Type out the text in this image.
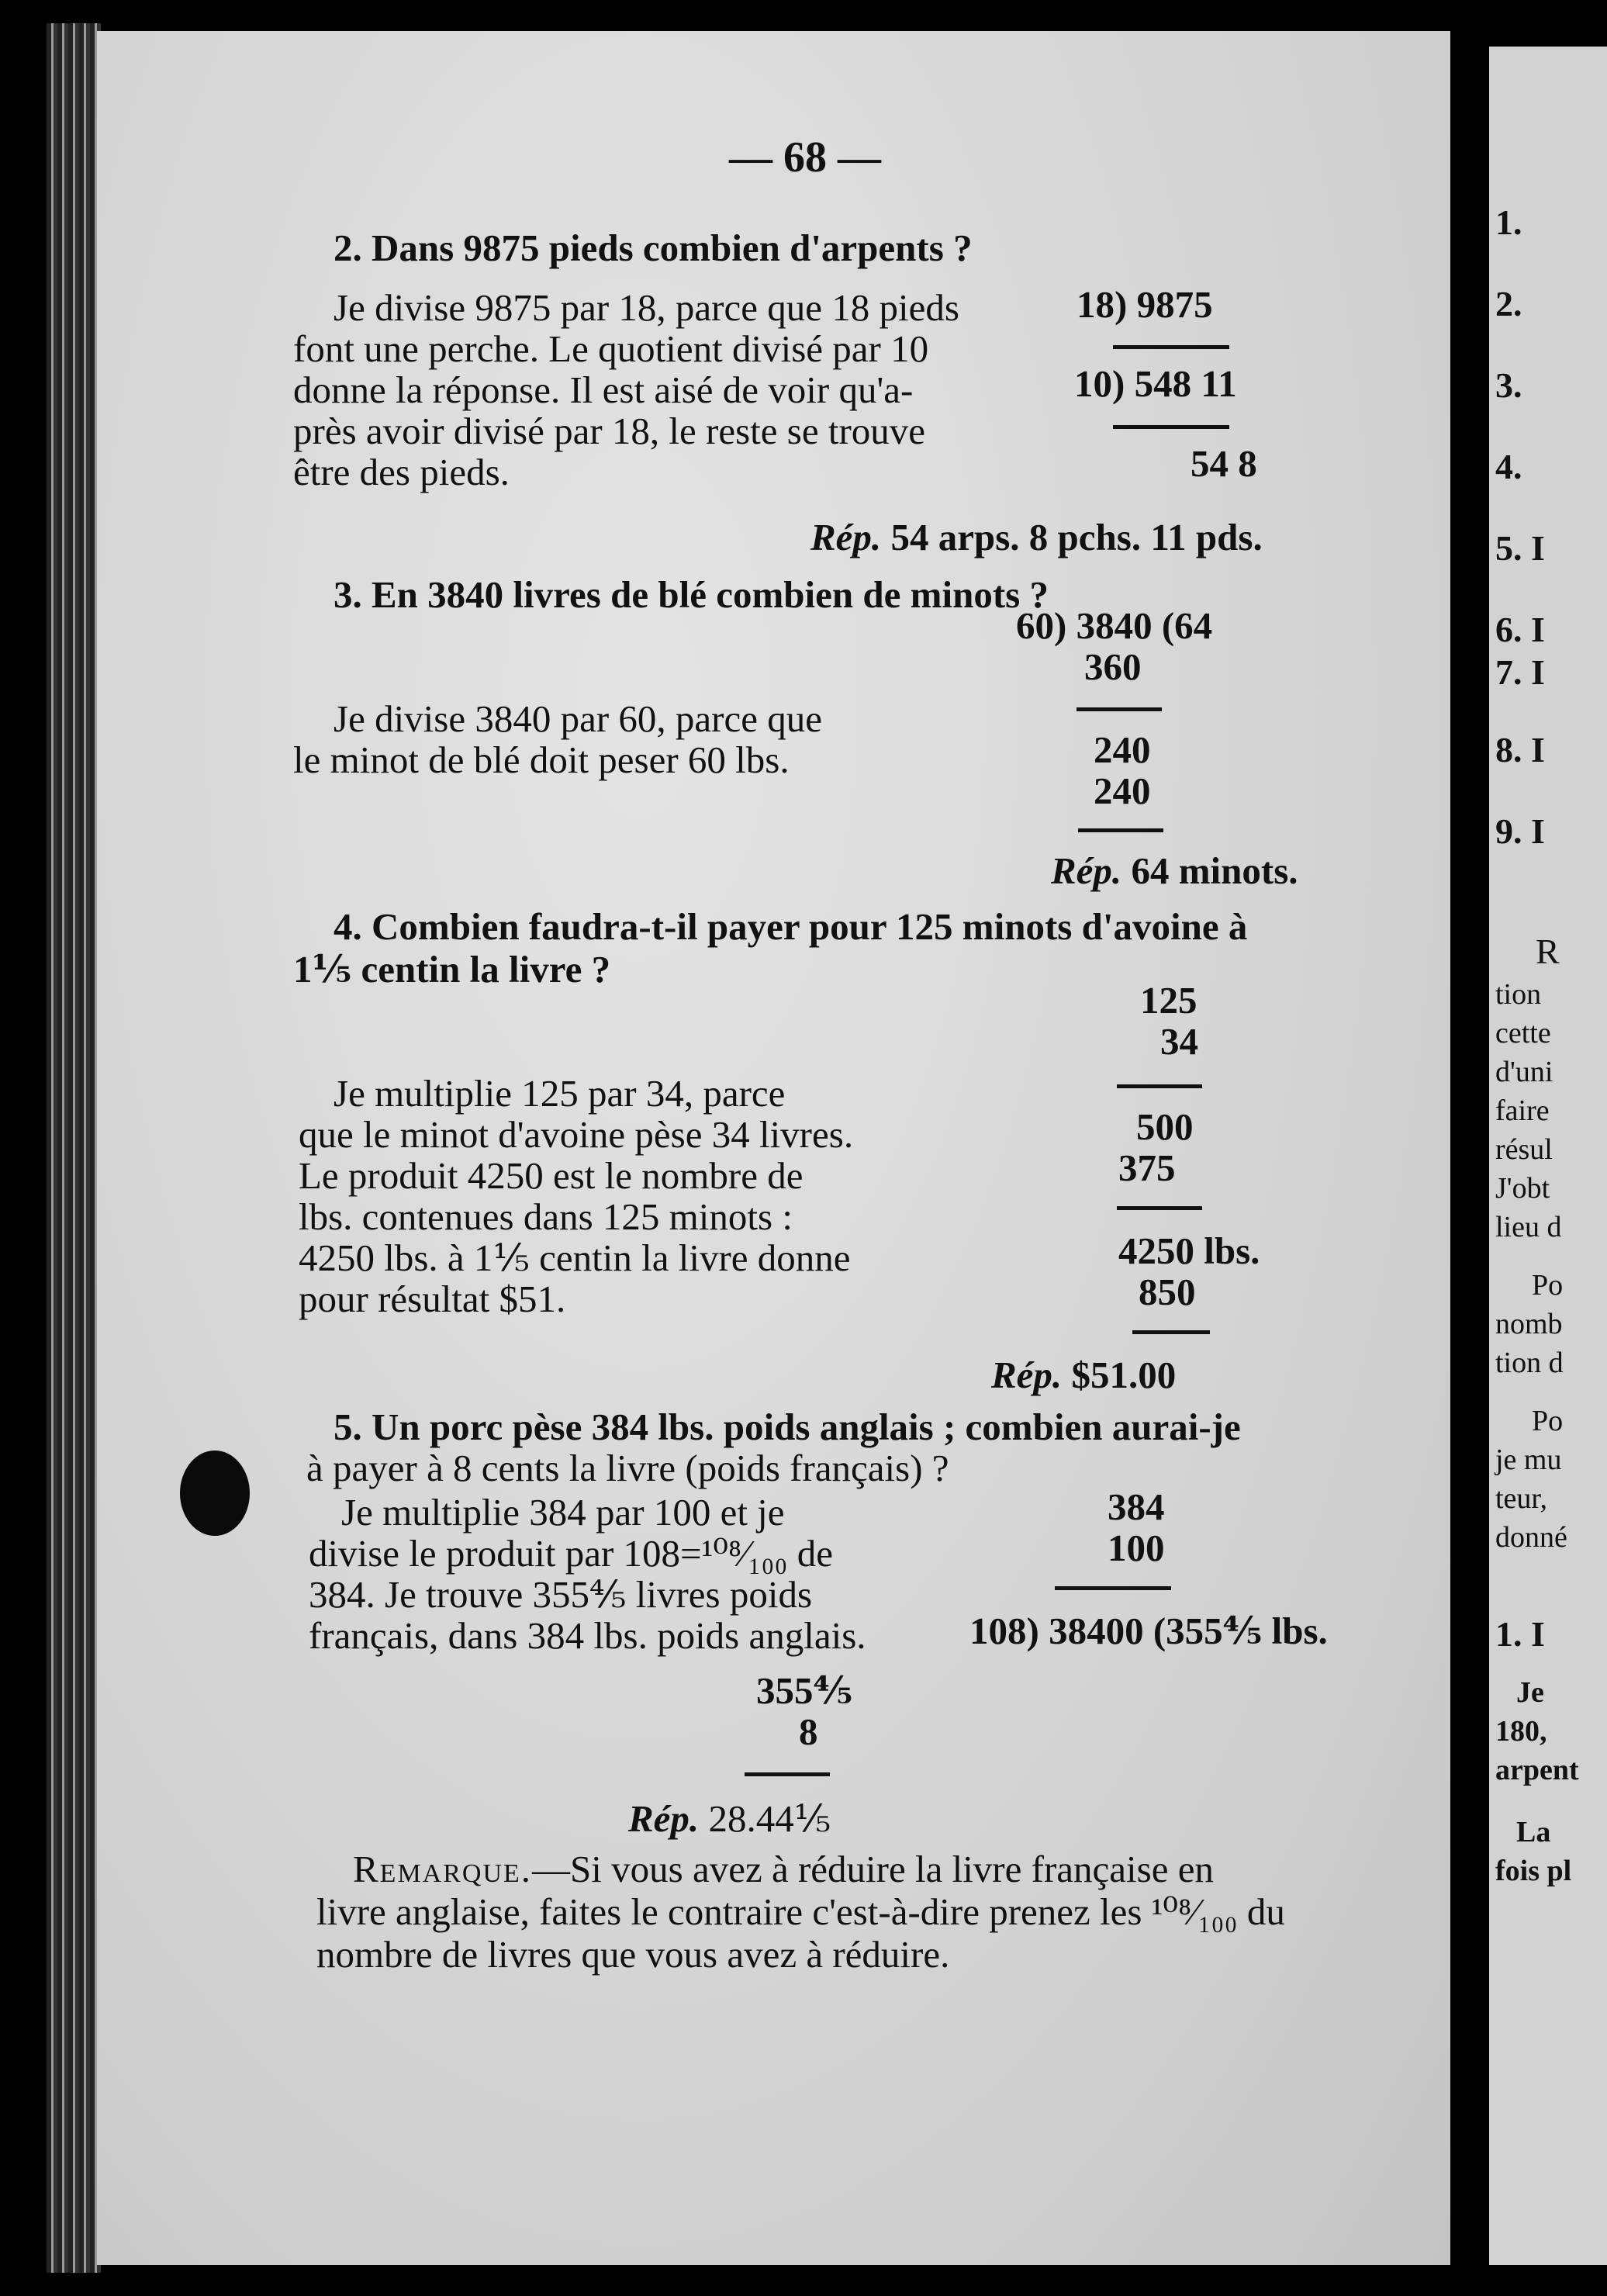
— 68 —
2. Dans 9875 pieds combien d'arpents ?
Je divise 9875 par 18, parce que 18 pieds
font une perche. Le quotient divisé par 10
donne la réponse. Il est aisé de voir qu'a-
près avoir divisé par 18, le reste se trouve
être des pieds.
18) 9875
10) 548 11
54 8
Rép. 54 arps. 8 pchs. 11 pds.
3. En 3840 livres de blé combien de minots ?
60) 3840 (64
360
Je divise 3840 par 60, parce que
le minot de blé doit peser 60 lbs.	240
240
Rép. 64 minots.
4. Combien faudra-t-il payer pour 125 minots d'avoine à
1⅕ centin la livre ?
125
34
Je multiplie 125 par 34, parce
que le minot d'avoine pèse 34 livres.
Le produit 4250 est le nombre de
lbs. contenues dans 125 minots :
4250 lbs. à 1⅕ centin la livre donne
pour résultat $51.
500
375
4250 lbs.
850
Rép. $51.00
5. Un porc pèse 384 lbs. poids anglais ; combien aurai-je
à payer à 8 cents la livre (poids français) ?
Je multiplie 384 par 100 et je
divise le produit par 108=¹⁰⁸⁄₁₀₀ de
384. Je trouve 355⅘ livres poids
français, dans 384 lbs. poids anglais.
384
100
108) 38400 (355⅘ lbs.
355⅘
8
Rép. 28.44⅕
Remarque.—Si vous avez à réduire la livre française en
livre anglaise, faites le contraire c'est-à-dire prenez les ¹⁰⁸⁄₁₀₀ du
nombre de livres que vous avez à réduire.
1.
2.
3.
4.
5. I
6. I
7. I
8. I
9. I
R
tion
cette
d'uni
faire
résul
J'obt
lieu d
Po
nomb
tion d
Po
je mu
teur,
donné
1. I
Je
180,
arpent
La
fois pl
